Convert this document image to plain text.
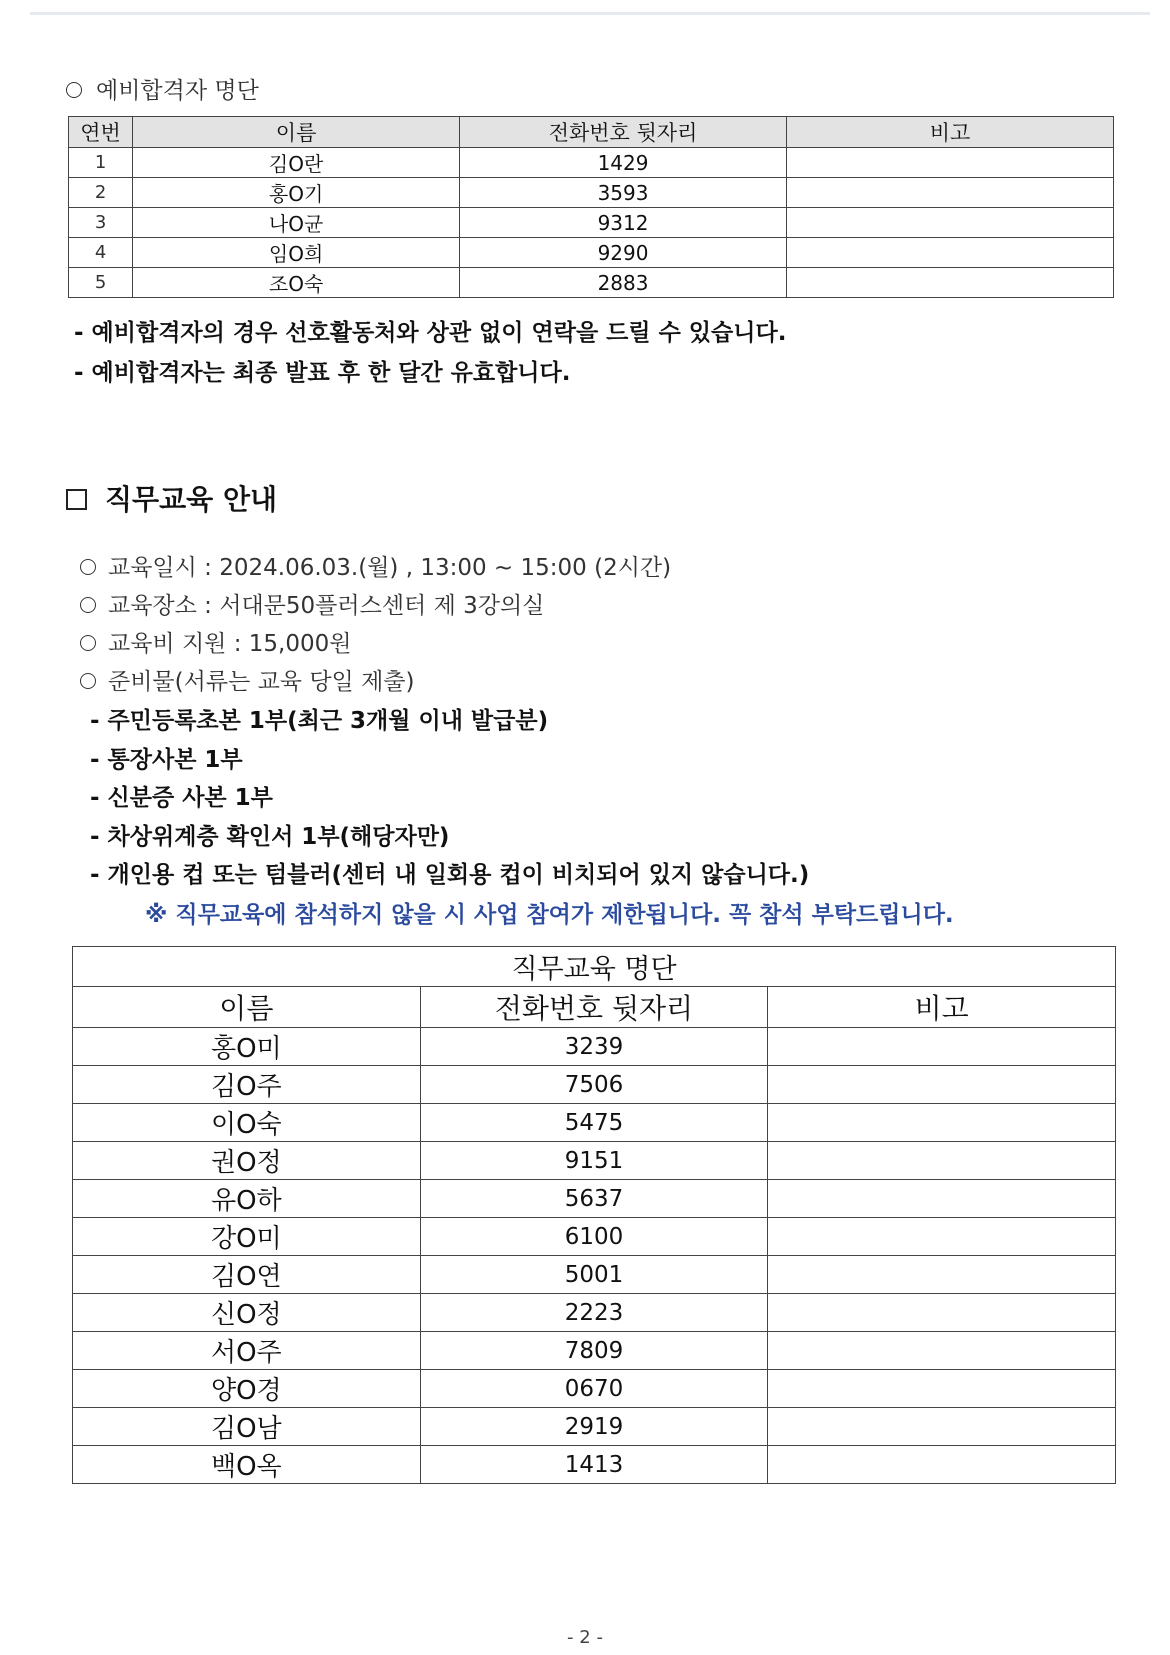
예비합격자 명단
연번	이름	전화번호 뒷자리	비고
1	김O란	1429	
2	홍O기	3593	
3	나O균	9312	
4	임O희	9290	
5	조O숙	2883	
- 예비합격자의 경우 선호활동처와 상관 없이 연락을 드릴 수 있습니다.
- 예비합격자는 최종 발표 후 한 달간 유효합니다.
직무교육 안내
교육일시 : 2024.06.03.(월) , 13:00 ~ 15:00 (2시간)
교육장소 : 서대문50플러스센터 제 3강의실
교육비 지원 : 15,000원
준비물(서류는 교육 당일 제출)
- 주민등록초본 1부(최근 3개월 이내 발급분)
- 통장사본 1부
- 신분증 사본 1부
- 차상위계층 확인서 1부(해당자만)
- 개인용 컵 또는 텀블러(센터 내 일회용 컵이 비치되어 있지 않습니다.)
※ 직무교육에 참석하지 않을 시 사업 참여가 제한됩니다. 꼭 참석 부탁드립니다.
직무교육 명단		
이름	전화번호 뒷자리	비고
홍O미	3239	
김O주	7506	
이O숙	5475	
권O정	9151	
유O하	5637	
강O미	6100	
김O연	5001	
신O정	2223	
서O주	7809	
양O경	0670	
김O남	2919	
백O옥	1413	
- 2 -
